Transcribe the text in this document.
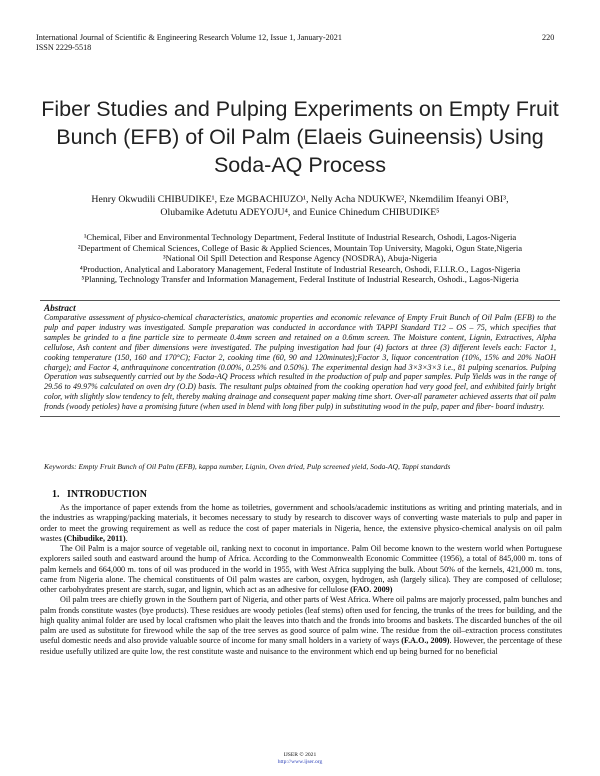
International Journal of Scientific & Engineering Research Volume 12, Issue 1, January-2021
ISSN 2229-5518
220
Fiber Studies and Pulping Experiments on Empty Fruit Bunch (EFB) of Oil Palm (Elaeis Guineensis) Using Soda-AQ Process
Henry Okwudili CHIBUDIKE¹, Eze MGBACHIUZO¹, Nelly Acha NDUKWE², Nkemdilim Ifeanyi OBI³,
Olubamike Adetutu ADEYOJU⁴, and Eunice Chinedum CHIBUDIKE⁵
¹Chemical, Fiber and Environmental Technology Department, Federal Institute of Industrial Research, Oshodi, Lagos-Nigeria
²Department of Chemical Sciences, College of Basic & Applied Sciences, Mountain Top University, Magoki, Ogun State,Nigeria
³National Oil Spill Detection and Response Agency (NOSDRA), Abuja-Nigeria
⁴Production, Analytical and Laboratory Management, Federal Institute of Industrial Research, Oshodi, F.I.I.R.O., Lagos-Nigeria
⁵Planning, Technology Transfer and Information Management, Federal Institute of Industrial Research, Oshodi., Lagos-Nigeria
Abstract
Comparative assessment of physico-chemical characteristics, anatomic properties and economic relevance of Empty Fruit Bunch of Oil Palm (EFB) to the pulp and paper industry was investigated. Sample preparation was conducted in accordance with TAPPI Standard T12 – OS – 75, which specifies that samples be grinded to a fine particle size to permeate 0.4mm screen and retained on a 0.6mm screen. The Moisture content, Lignin, Extractives, Alpha cellulose, Ash content and fiber dimensions were investigated. The pulping investigation had four (4) factors at three (3) different levels each: Factor 1, cooking temperature (150, 160 and 170°C); Factor 2, cooking time (60, 90 and 120minutes);Factor 3, liquor concentration (10%, 15% and 20% NaOH charge); and Factor 4, anthraquinone concentration (0.00%, 0.25% and 0.50%). The experimental design had 3×3×3×3 i.e., 81 pulping scenarios. Pulping Operation was subsequently carried out by the Soda-AQ Process which resulted in the production of pulp and paper samples. Pulp Yields was in the range of 29.56 to 49.97% calculated on oven dry (O.D) basis. The resultant pulps obtained from the cooking operation had very good feel, and exhibited fairly bright color, with slightly slow tendency to felt, thereby making drainage and consequent paper making time short. Over-all parameter achieved asserts that oil palm fronds (woody petioles) have a promising future (when used in blend with long fiber pulp) in substituting wood in the pulp, paper and fiber- board industry.
Keywords: Empty Fruit Bunch of Oil Palm (EFB), kappa number, Lignin, Oven dried, Pulp screened yield, Soda-AQ, Tappi standards
1. INTRODUCTION

As the importance of paper extends from the home as toiletries, government and schools/academic institutions as writing and printing materials, and in the industries as wrapping/packing materials, it becomes necessary to study by research to discover ways of converting waste materials to pulp and paper in order to meet the growing requirement as well as reduce the cost of paper materials in Nigeria, hence, the extensive physico-chemical analysis on oil palm wastes (Chibudike, 2011).

The Oil Palm is a major source of vegetable oil, ranking next to coconut in importance. Palm Oil become known to the western world when Portuguese explorers sailed south and eastward around the hump of Africa. According to the Commonwealth Economic Committee (1956), a total of 845,000 m. tons of palm kernels and 664,000 m. tons of oil was produced in the world in 1955, with West Africa supplying the bulk. About 50% of the kernels, 421,000 m. tons, came from Nigeria alone. The chemical constituents of Oil palm wastes are carbon, oxygen, hydrogen, ash (largely silica). They are composed of cellulose; other carbohydrates present are starch, sugar, and lignin, which act as an adhesive for cellulose (FAO. 2009)

Oil palm trees are chiefly grown in the Southern part of Nigeria, and other parts of West Africa. Where oil palms are majorly processed, palm bunches and palm fronds constitute wastes (bye products). These residues are woody petioles (leaf stems) often used for fencing, the trunks of the trees for building, and the high quality animal folder are used by local craftsmen who plait the leaves into thatch and the fronds into brooms and baskets. The discarded bunches of the oil palm are used as substitute for firewood while the sap of the tree serves as good source of palm wine. The residue from the oil–extraction process constitutes useful domestic needs and also provide valuable source of income for many small holders in a variety of ways (F.A.O., 2009). However, the percentage of these residue usefully utilized are quite low, the rest constitute waste and nuisance to the environment which end up being burned for no beneficial

IJSER © 2021
http://www.ijser.org
